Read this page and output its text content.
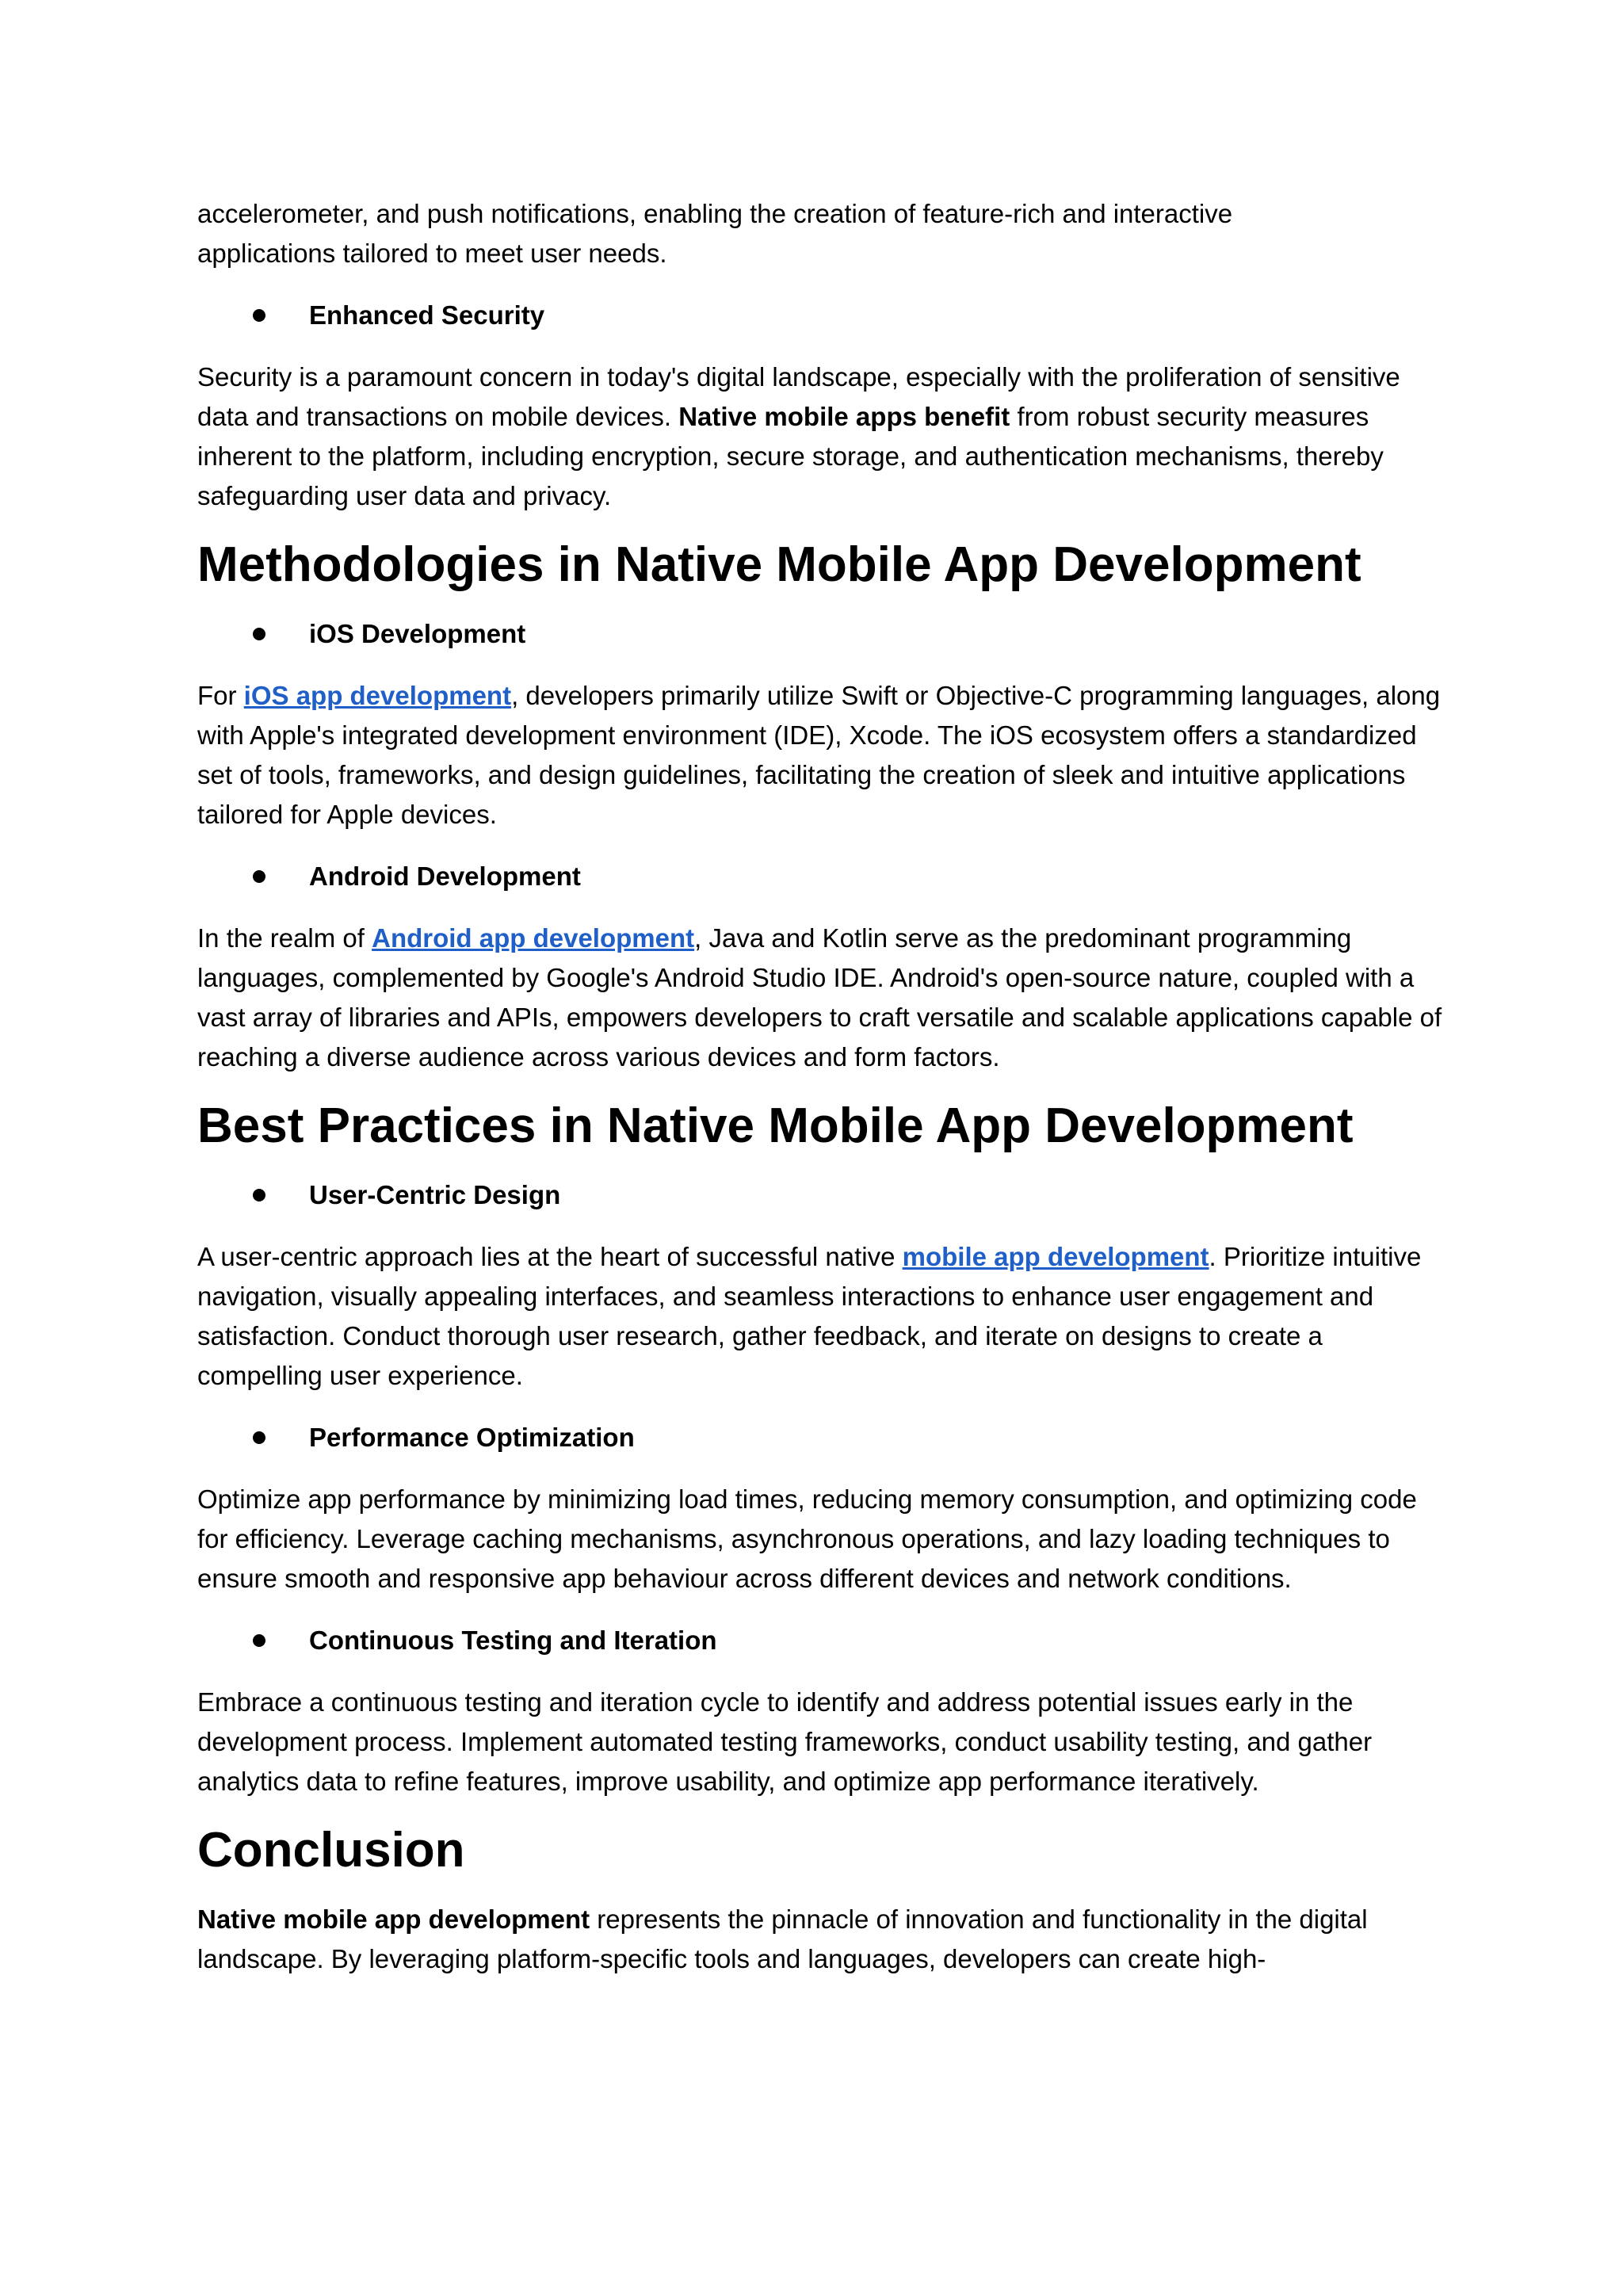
accelerometer, and push notifications, enabling the creation of feature-rich and interactive
applications tailored to meet user needs.

Enhanced Security

Security is a paramount concern in today's digital landscape, especially with the proliferation of sensitive data and transactions on mobile devices. Native mobile apps benefit from robust security measures inherent to the platform, including encryption, secure storage, and authentication mechanisms, thereby safeguarding user data and privacy.

Methodologies in Native Mobile App Development
iOS Development

For iOS app development, developers primarily utilize Swift or Objective-C programming languages, along with Apple's integrated development environment (IDE), Xcode. The iOS ecosystem offers a standardized set of tools, frameworks, and design guidelines, facilitating the creation of sleek and intuitive applications tailored for Apple devices.

Android Development

In the realm of Android app development, Java and Kotlin serve as the predominant programming languages, complemented by Google's Android Studio IDE. Android's open-source nature, coupled with a vast array of libraries and APIs, empowers developers to craft versatile and scalable applications capable of reaching a diverse audience across various devices and form factors.

Best Practices in Native Mobile App Development
User-Centric Design

A user-centric approach lies at the heart of successful native mobile app development. Prioritize intuitive navigation, visually appealing interfaces, and seamless interactions to enhance user engagement and satisfaction. Conduct thorough user research, gather feedback, and iterate on designs to create a compelling user experience.

Performance Optimization

Optimize app performance by minimizing load times, reducing memory consumption, and optimizing code for efficiency. Leverage caching mechanisms, asynchronous operations, and lazy loading techniques to ensure smooth and responsive app behaviour across different devices and network conditions.

Continuous Testing and Iteration

Embrace a continuous testing and iteration cycle to identify and address potential issues early in the development process. Implement automated testing frameworks, conduct usability testing, and gather analytics data to refine features, improve usability, and optimize app performance iteratively.

Conclusion

Native mobile app development represents the pinnacle of innovation and functionality in the digital landscape. By leveraging platform-specific tools and languages, developers can create high-
